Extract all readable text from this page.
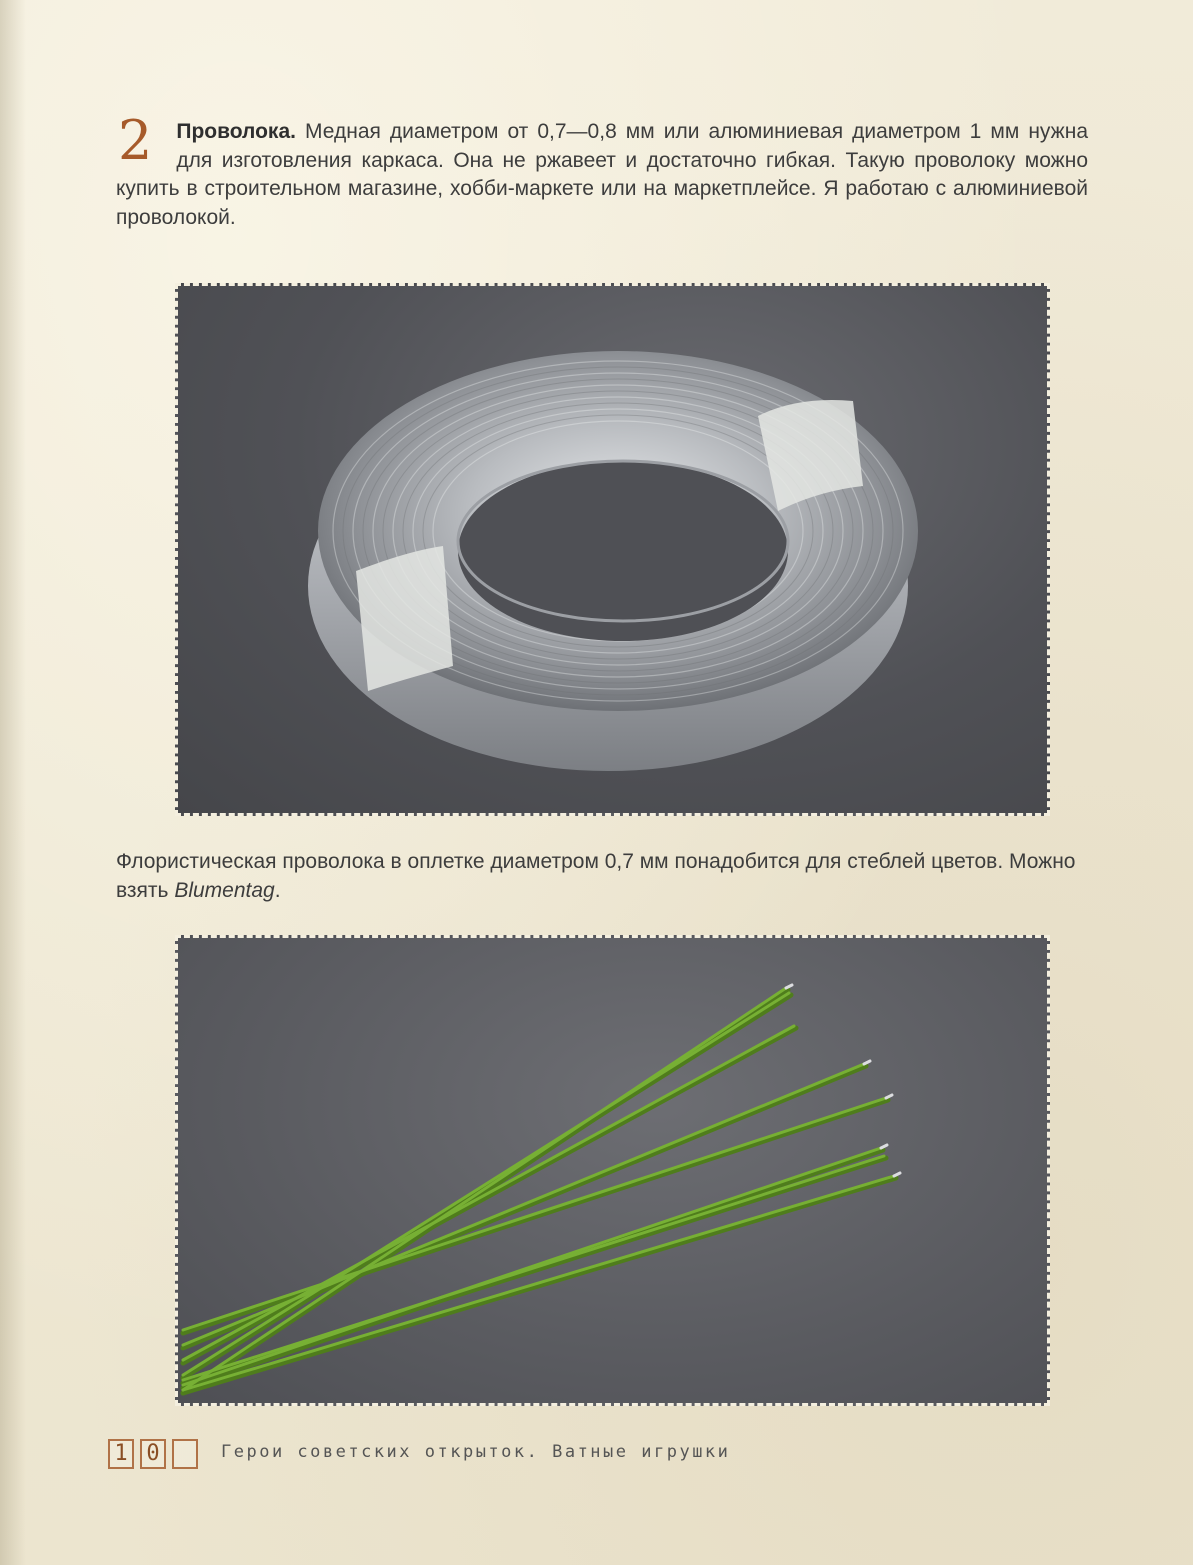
2 Проволока. Медная диаметром от 0,7—0,8 мм или алюминиевая диаметром 1 мм нужна для изготовления каркаса. Она не ржавеет и достаточно гибкая. Такую проволоку можно купить в строительном магазине, хобби-маркете или на маркетплейсе. Я работаю с алюминиевой проволокой.
Флористическая проволока в оплетке диаметром 0,7 мм понадобится для стеблей цветов. Можно взять Blumentag.
1 0	Герои советских открыток. Ватные игрушки
